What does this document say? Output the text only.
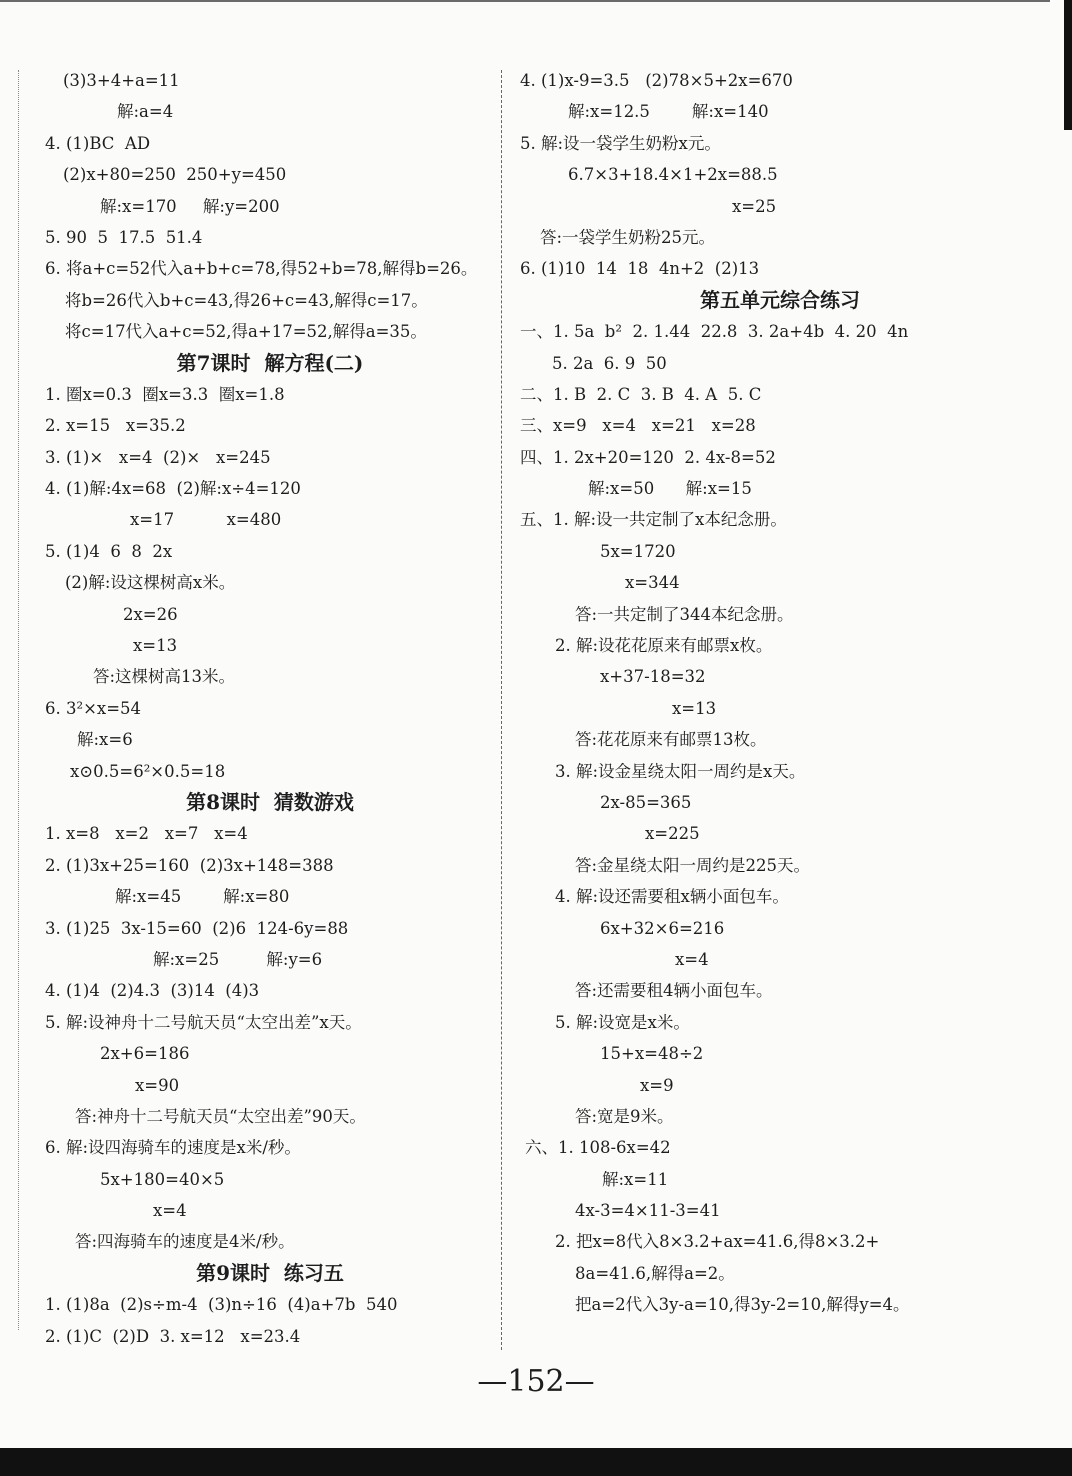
(3)3+4+a=11
解:a=4
4. (1)BC  AD
(2)x+80=250  250+y=450
解:x=170     解:y=200
5. 90  5  17.5  51.4
6. 将a+c=52代入a+b+c=78,得52+b=78,解得b=26。
将b=26代入b+c=43,得26+c=43,解得c=17。
将c=17代入a+c=52,得a+17=52,解得a=35。
第7课时  解方程(二)
1. 圈x=0.3  圈x=3.3  圈x=1.8
2. x=15   x=35.2
3. (1)×   x=4  (2)×   x=245
4. (1)解:4x=68  (2)解:x÷4=120
x=17          x=480
5. (1)4  6  8  2x
(2)解:设这棵树高x米。
2x=26
x=13
答:这棵树高13米。
6. 3²×x=54
解:x=6
x⊙0.5=6²×0.5=18
第8课时  猜数游戏
1. x=8   x=2   x=7   x=4
2. (1)3x+25=160  (2)3x+148=388
解:x=45        解:x=80
3. (1)25  3x-15=60  (2)6  124-6y=88
解:x=25         解:y=6
4. (1)4  (2)4.3  (3)14  (4)3
5. 解:设神舟十二号航天员“太空出差”x天。
2x+6=186
x=90
答:神舟十二号航天员“太空出差”90天。
6. 解:设四海骑车的速度是x米/秒。
5x+180=40×5
x=4
答:四海骑车的速度是4米/秒。
第9课时  练习五
1. (1)8a  (2)s÷m-4  (3)n÷16  (4)a+7b  540
2. (1)C  (2)D  3. x=12   x=23.4
4. (1)x-9=3.5   (2)78×5+2x=670
解:x=12.5        解:x=140
5. 解:设一袋学生奶粉x元。
6.7×3+18.4×1+2x=88.5
x=25
答:一袋学生奶粉25元。
6. (1)10  14  18  4n+2  (2)13
第五单元综合练习
一、1. 5a  b²  2. 1.44  22.8  3. 2a+4b  4. 20  4n
5. 2a  6. 9  50
二、1. B  2. C  3. B  4. A  5. C
三、x=9   x=4   x=21   x=28
四、1. 2x+20=120  2. 4x-8=52
解:x=50      解:x=15
五、1. 解:设一共定制了x本纪念册。
5x=1720
x=344
答:一共定制了344本纪念册。
2. 解:设花花原来有邮票x枚。
x+37-18=32
x=13
答:花花原来有邮票13枚。
3. 解:设金星绕太阳一周约是x天。
2x-85=365
x=225
答:金星绕太阳一周约是225天。
4. 解:设还需要租x辆小面包车。
6x+32×6=216
x=4
答:还需要租4辆小面包车。
5. 解:设宽是x米。
15+x=48÷2
x=9
答:宽是9米。
六、1. 108-6x=42
解:x=11
4x-3=4×11-3=41
2. 把x=8代入8×3.2+ax=41.6,得8×3.2+
8a=41.6,解得a=2。
把a=2代入3y-a=10,得3y-2=10,解得y=4。
—152—
